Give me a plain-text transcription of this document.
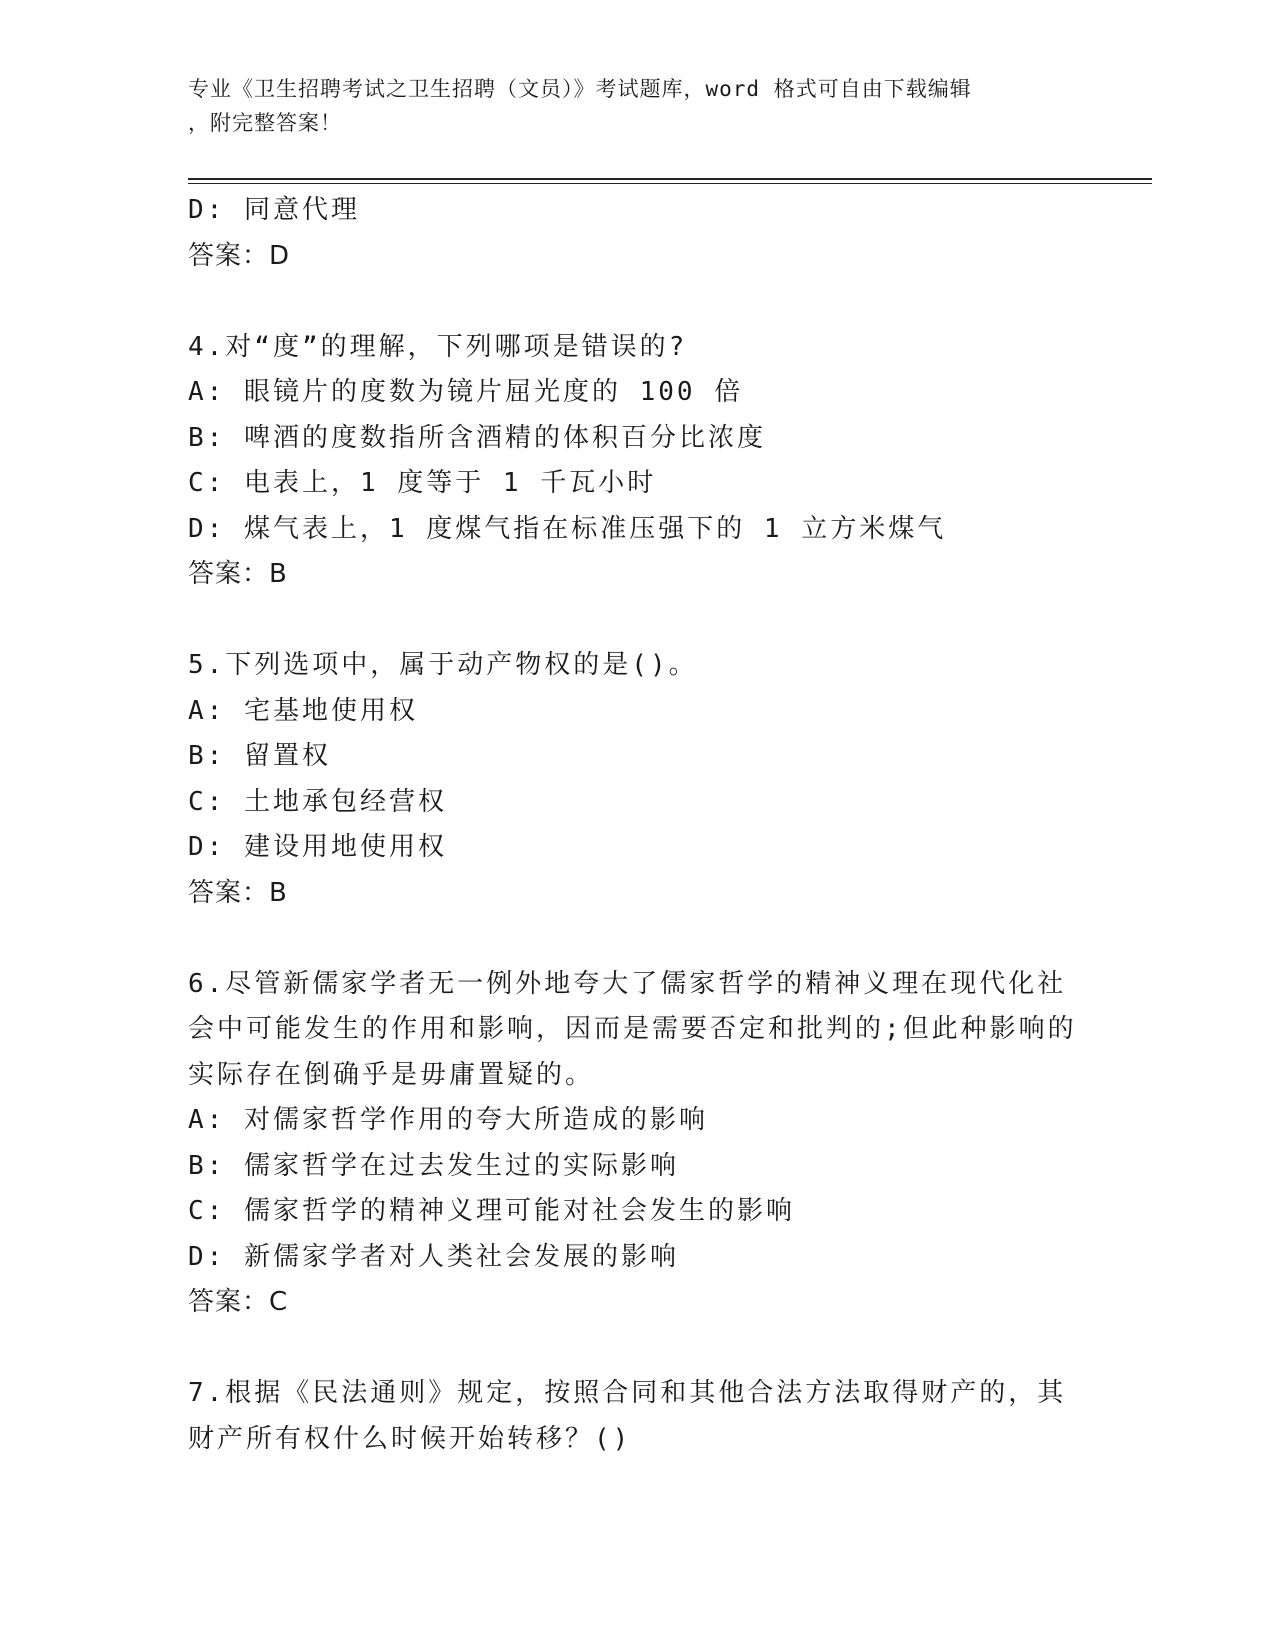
专业《卫生招聘考试之卫生招聘（文员）》考试题库，word 格式可自由下载编辑
，附完整答案！
D: 同意代理
答案：D
4.对“度”的理解，下列哪项是错误的?
A: 眼镜片的度数为镜片屈光度的 100 倍
B: 啤酒的度数指所含酒精的体积百分比浓度
C: 电表上，1 度等于 1 千瓦小时
D: 煤气表上，1 度煤气指在标准压强下的 1 立方米煤气
答案：B
5.下列选项中，属于动产物权的是()。
A: 宅基地使用权
B: 留置权
C: 土地承包经营权
D: 建设用地使用权
答案：B
6.尽管新儒家学者无一例外地夸大了儒家哲学的精神义理在现代化社
会中可能发生的作用和影响，因而是需要否定和批判的;但此种影响的
实际存在倒确乎是毋庸置疑的。
A: 对儒家哲学作用的夸大所造成的影响
B: 儒家哲学在过去发生过的实际影响
C: 儒家哲学的精神义理可能对社会发生的影响
D: 新儒家学者对人类社会发展的影响
答案：C
7.根据《民法通则》规定，按照合同和其他合法方法取得财产的，其
财产所有权什么时候开始转移？()
